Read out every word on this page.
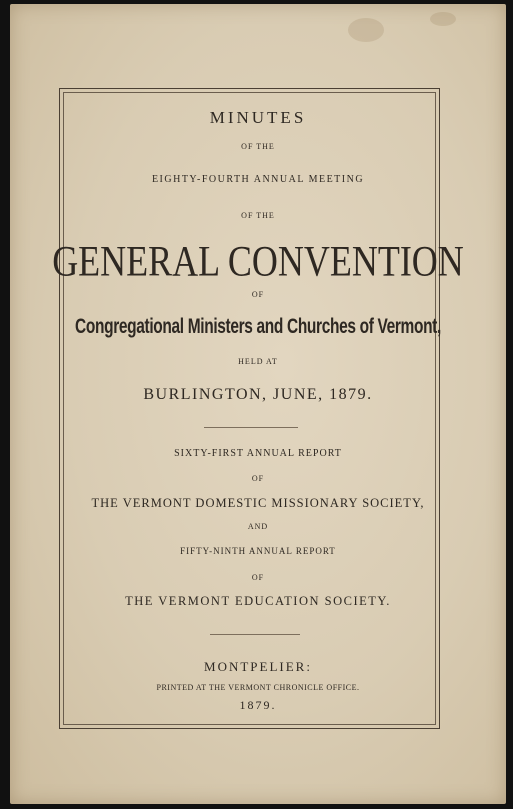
MINUTES
OF THE
EIGHTY-FOURTH ANNUAL MEETING
OF THE
GENERAL CONVENTION
OF
Congregational Ministers and Churches of Vermont,
HELD AT
BURLINGTON, JUNE, 1879.
SIXTY-FIRST ANNUAL REPORT
OF
THE VERMONT DOMESTIC MISSIONARY SOCIETY,
AND
FIFTY-NINTH ANNUAL REPORT
OF
THE VERMONT EDUCATION SOCIETY.
MONTPELIER:
PRINTED AT THE VERMONT CHRONICLE OFFICE.
1879.
